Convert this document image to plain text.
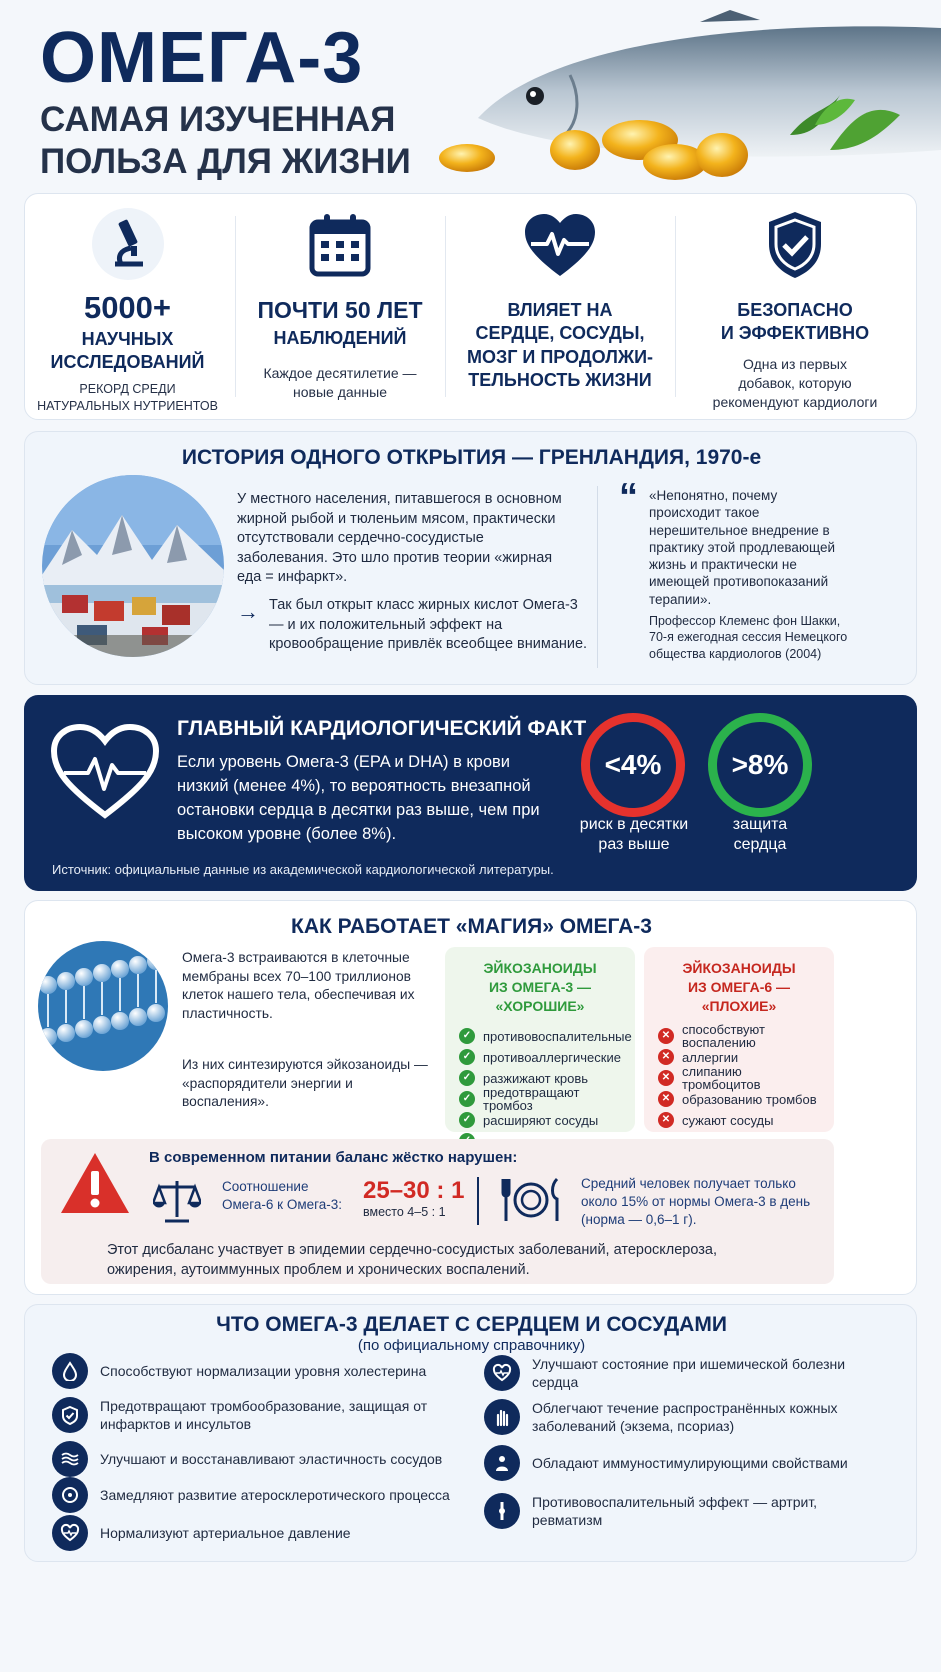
ОМЕГА-3
САМАЯ ИЗУЧЕННАЯ
ПОЛЬЗА ДЛЯ ЖИЗНИ
5000+
НАУЧНЫХ
ИССЛЕДОВАНИЙ
РЕКОРД СРЕДИ
НАТУРАЛЬНЫХ НУТРИЕНТОВ
ПОЧТИ 50 ЛЕТ
НАБЛЮДЕНИЙ
Каждое десятилетие —
новые данные
ВЛИЯЕТ НА
СЕРДЦЕ, СОСУДЫ,
МОЗГ И ПРОДОЛЖИ-
ТЕЛЬНОСТЬ ЖИЗНИ
БЕЗОПАСНО
И ЭФФЕКТИВНО
Одна из первых
добавок, которую
рекомендуют кардиологи
ИСТОРИЯ ОДНОГО ОТКРЫТИЯ — ГРЕНЛАНДИЯ, 1970-е
У местного населения, питавшегося в основном жирной рыбой и тюленьим мясом, практически отсутствовали сердечно-сосудистые заболевания. Это шло против теории «жирная еда = инфаркт».
→ Так был открыт класс жирных кислот Омега-3 — и их положительный эффект на кровообращение привлёк всеобщее внимание.
“ «Непонятно, почему происходит такое нерешительное внедрение в практику этой продлевающей жизнь и практически не имеющей противопоказаний терапии».
Профессор Клеменс фон Шакки, 70-я ежегодная сессия Немецкого общества кардиологов (2004)
ГЛАВНЫЙ КАРДИОЛОГИЧЕСКИЙ ФАКТ
Если уровень Омега-3 (EPA и DHA) в крови низкий (менее 4%), то вероятность внезапной остановки сердца в десятки раз выше, чем при высоком уровне (более 8%).
<4%
риск в десятки
раз выше
>8%
защита
сердца
Источник: официальные данные из академической кардиологической литературы.
КАК РАБОТАЕТ «МАГИЯ» ОМЕГА-3
Омега-3 встраиваются в клеточные мембраны всех 70–100 триллионов клеток нашего тела, обеспечивая их пластичность.
Из них синтезируются эйкозаноиды — «распорядители энергии и воспаления».
ЭЙКОЗАНОИДЫ
ИЗ ОМЕГА-3 — «ХОРОШИЕ»
✓ противовоспалительные
✓ противоаллергические
✓ разжижают кровь
✓ предотвращают тромбоз
✓ расширяют сосуды
ЭЙКОЗАНОИДЫ
ИЗ ОМЕГА-6 — «ПЛОХИЕ»
✕ способствуют воспалению
✕ аллергии
✕ слипанию тромбоцитов
✕ образованию тромбов
✕ сужают сосуды
В современном питании баланс жёстко нарушен:
Соотношение
Омега-6 к Омега-3:
25–30 : 1
вместо 4–5 : 1
Средний человек получает только около 15% от нормы Омега-3 в день (норма — 0,6–1 г).
Этот дисбаланс участвует в эпидемии сердечно-сосудистых заболеваний, атеросклероза, ожирения, аутоиммунных проблем и хронических воспалений.
ЧТО ОМЕГА-3 ДЕЛАЕТ С СЕРДЦЕМ И СОСУДАМИ
(по официальному справочнику)
Способствуют нормализации уровня холестерина
Предотвращают тромбообразование, защищая от инфарктов и инсультов
Улучшают и восстанавливают эластичность сосудов
Замедляют развитие атеросклеротического процесса
Нормализуют артериальное давление
Улучшают состояние при ишемической болезни сердца
Облегчают течение распространённых кожных заболеваний (экзема, псориаз)
Обладают иммуностимулирующими свойствами
Противовоспалительный эффект — артрит, ревматизм
